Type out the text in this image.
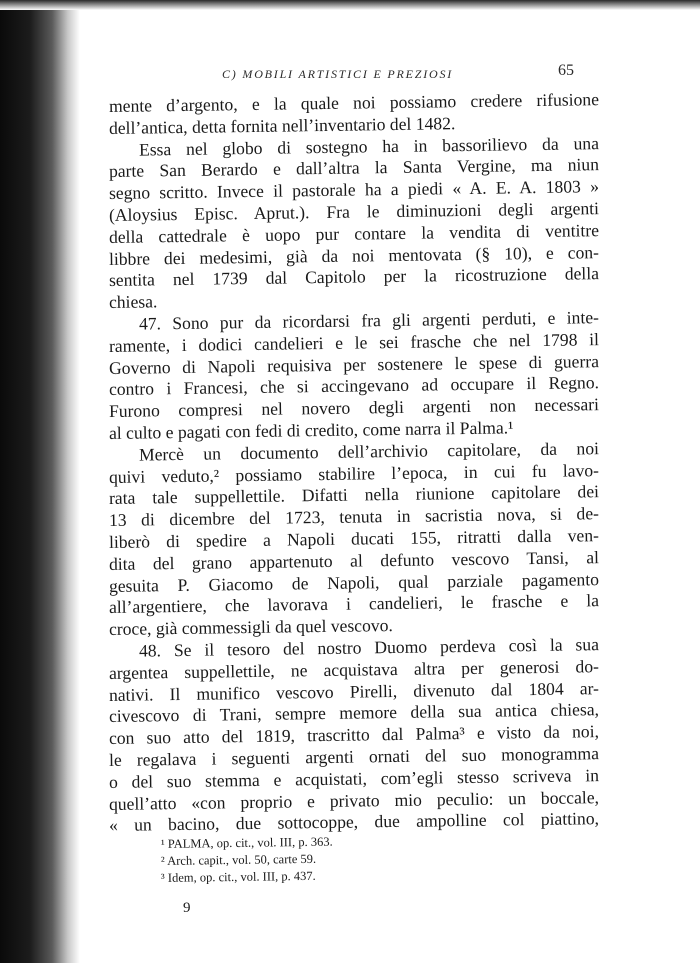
C) MOBILI ARTISTICI E PREZIOSI	65
mente d’argento, e la quale noi possiamo credere rifusione
dell’antica, detta fornita nell’inventario del 1482.
Essa nel globo di sostegno ha in bassorilievo da una
parte San Berardo e dall’altra la Santa Vergine, ma niun
segno scritto. Invece il pastorale ha a piedi « A. E. A. 1803 »
(Aloysius Episc. Aprut.). Fra le diminuzioni degli argenti
della cattedrale è uopo pur contare la vendita di ventitre
libbre dei medesimi, già da noi mentovata (§ 10), e con-
sentita nel 1739 dal Capitolo per la ricostruzione della
chiesa.
47. Sono pur da ricordarsi fra gli argenti perduti, e inte-
ramente, i dodici candelieri e le sei frasche che nel 1798 il
Governo di Napoli requisiva per sostenere le spese di guerra
contro i Francesi, che si accingevano ad occupare il Regno.
Furono compresi nel novero degli argenti non necessari
al culto e pagati con fedi di credito, come narra il Palma.¹
Mercè un documento dell’archivio capitolare, da noi
quivi veduto,² possiamo stabilire l’epoca, in cui fu lavo-
rata tale suppellettile. Difatti nella riunione capitolare dei
13 di dicembre del 1723, tenuta in sacristia nova, si de-
liberò di spedire a Napoli ducati 155, ritratti dalla ven-
dita del grano appartenuto al defunto vescovo Tansi, al
gesuita P. Giacomo de Napoli, qual parziale pagamento
all’argentiere, che lavorava i candelieri, le frasche e la
croce, già commessigli da quel vescovo.
48. Se il tesoro del nostro Duomo perdeva così la sua
argentea suppellettile, ne acquistava altra per generosi do-
nativi. Il munifico vescovo Pirelli, divenuto dal 1804 ar-
civescovo di Trani, sempre memore della sua antica chiesa,
con suo atto del 1819, trascritto dal Palma³ e visto da noi,
le regalava i seguenti argenti ornati del suo monogramma
o del suo stemma e acquistati, com’egli stesso scriveva in
quell’atto «con proprio e privato mio peculio: un boccale,
« un bacino, due sottocoppe, due ampolline col piattino,
¹ PALMA, op. cit., vol. III, p. 363.
² Arch. capit., vol. 50, carte 59.
³ Idem, op. cit., vol. III, p. 437.
9
